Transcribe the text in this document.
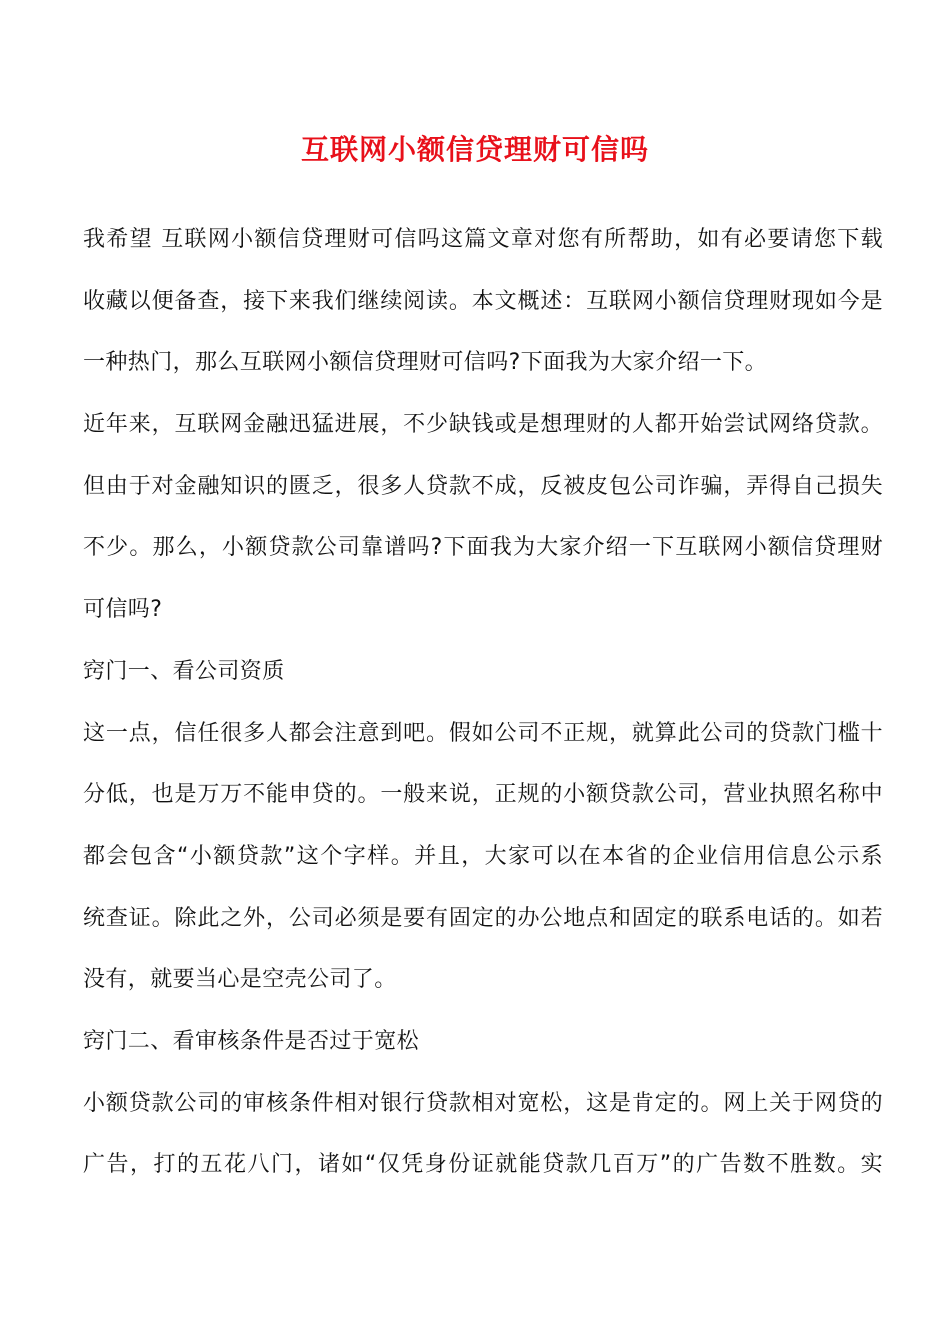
互联网小额信贷理财可信吗
我希望 互联网小额信贷理财可信吗这篇文章对您有所帮助，如有必要请您下载
收藏以便备查，接下来我们继续阅读。本文概述：互联网小额信贷理财现如今是
一种热门，那么互联网小额信贷理财可信吗?下面我为大家介绍一下。
近年来，互联网金融迅猛进展，不少缺钱或是想理财的人都开始尝试网络贷款。
但由于对金融知识的匮乏，很多人贷款不成，反被皮包公司诈骗，弄得自己损失
不少。那么，小额贷款公司靠谱吗?下面我为大家介绍一下互联网小额信贷理财
可信吗?
窍门一、看公司资质
这一点，信任很多人都会注意到吧。假如公司不正规，就算此公司的贷款门槛十
分低，也是万万不能申贷的。一般来说，正规的小额贷款公司，营业执照名称中
都会包含“小额贷款”这个字样。并且，大家可以在本省的企业信用信息公示系
统查证。除此之外，公司必须是要有固定的办公地点和固定的联系电话的。如若
没有，就要当心是空壳公司了。
窍门二、看审核条件是否过于宽松
小额贷款公司的审核条件相对银行贷款相对宽松，这是肯定的。网上关于网贷的
广告，打的五花八门，诸如“仅凭身份证就能贷款几百万”的广告数不胜数。实
